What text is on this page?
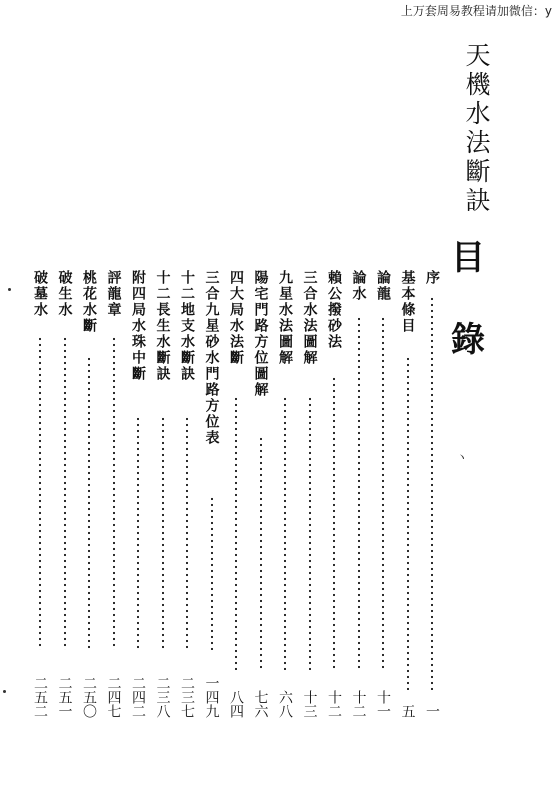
上万套周易教程请加微信：y
天機水法斷訣
目
錄
ヽ
序
一
基本條目
五
論龍
十一
論水
十二
賴公撥砂法
十二
三合水法圖解
十三
九星水法圖解
六八
陽宅門路方位圖解
七六
四大局水法斷
八四
三合九星砂水門路方位表
一四九
十二地支水斷訣
二三七
十二長生水斷訣
二三八
附四局水珠中斷
二四二
評龍章
二四七
桃花水斷
二五〇
破生水
二五一
破墓水
二五二
